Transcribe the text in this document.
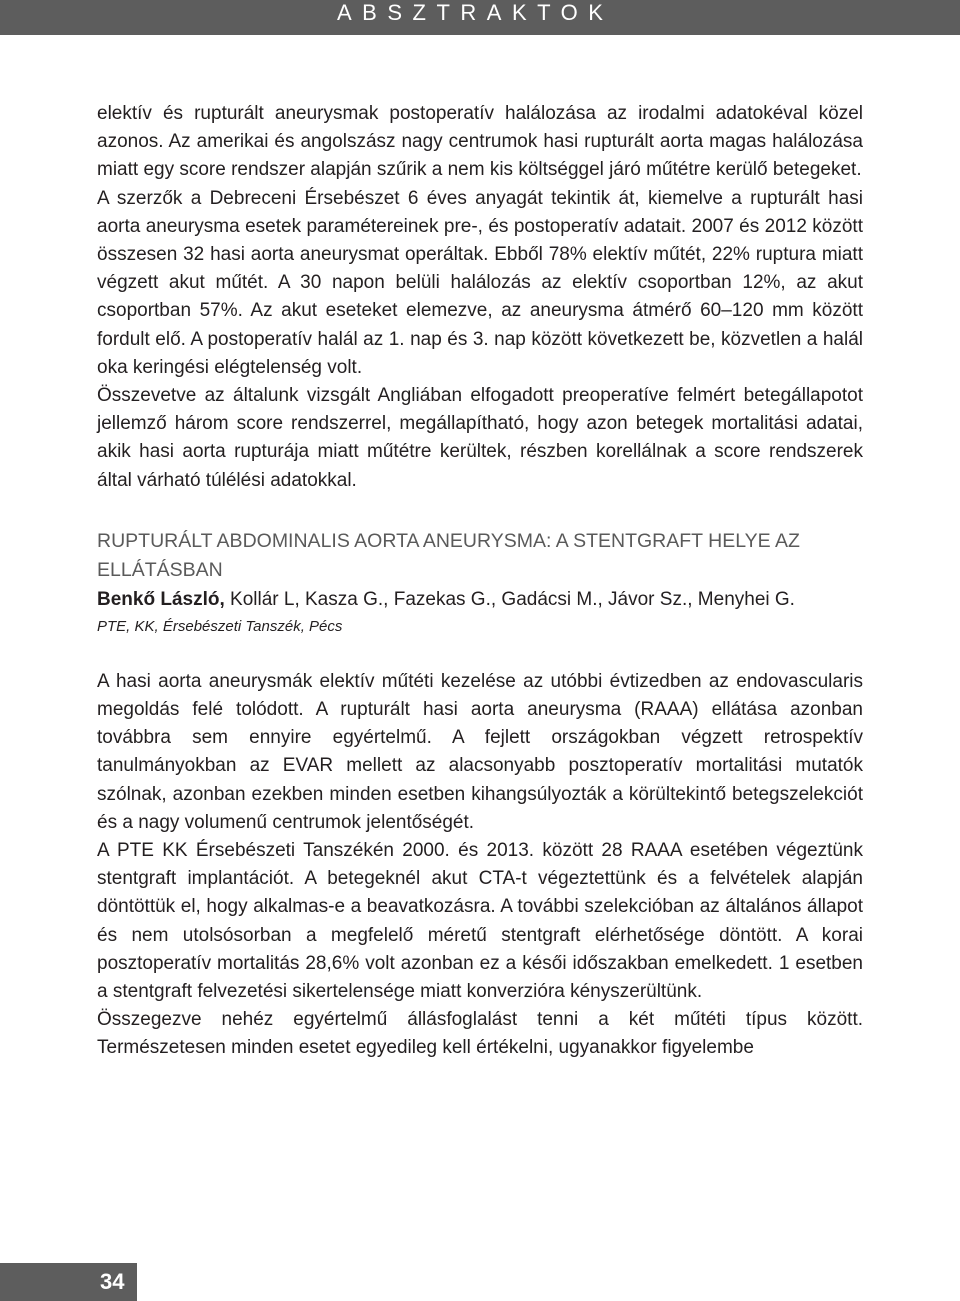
ABSZTRAKTOK

elektív és rupturált aneurysmak postoperatív halálozása az irodalmi adatokéval közel azonos. Az amerikai és angolszász nagy centrumok hasi rupturált aorta magas halálozása miatt egy score rendszer alapján szűrik a nem kis költséggel járó műtétre kerülő betegeket.

A szerzők a Debreceni Érsebészet 6 éves anyagát tekintik át, kiemelve a rupturált hasi aorta aneurysma esetek paramétereinek pre-, és postoperatív adatait. 2007 és 2012 között összesen 32 hasi aorta aneurysmat operáltak. Ebből 78% elektív műtét, 22% ruptura miatt végzett akut műtét. A 30 napon belüli halálozás az elektív csoportban 12%, az akut csoportban 57%. Az akut eseteket elemezve, az aneurysma átmérő 60–120 mm között fordult elő. A postoperatív halál az 1. nap és 3. nap között következett be, közvetlen a halál oka keringési elégtelenség volt.

Összevetve az általunk vizsgált Angliában elfogadott preoperatíve felmért betegállapotot jellemző három score rendszerrel, megállapítható, hogy azon betegek mortalitási adatai, akik hasi aorta rupturája miatt műtétre kerültek, részben korellálnak a score rendszerek által várható túlélési adatokkal.

RUPTURÁLT ABDOMINALIS AORTA ANEURYSMA: A STENTGRAFT HELYE AZ ELLÁTÁSBAN
Benkő László, Kollár L, Kasza G., Fazekas G., Gadácsi M., Jávor Sz., Menyhei G.
PTE, KK, Érsebészeti Tanszék, Pécs

A hasi aorta aneurysmák elektív műtéti kezelése az utóbbi évtizedben az endovascularis megoldás felé tolódott. A rupturált hasi aorta aneurysma (RAAA) ellátása azonban továbbra sem ennyire egyértelmű. A fejlett országokban végzett retrospektív tanulmányokban az EVAR mellett az alacsonyabb posztoperatív mortalitási mutatók szólnak, azonban ezekben minden esetben kihangsúlyozták a körültekintő betegszelekciót és a nagy volumenű centrumok jelentőségét.

A PTE KK Érsebészeti Tanszékén 2000. és 2013. között 28 RAAA esetében végeztünk stentgraft implantációt. A betegeknél akut CTA-t végeztettünk és a felvételek alapján döntöttük el, hogy alkalmas-e a beavatkozásra. A további szelekcióban az általános állapot és nem utolsósorban a megfelelő méretű stentgraft elérhetősége döntött. A korai posztoperatív mortalitás 28,6% volt azonban ez a késői időszakban emelkedett. 1 esetben a stentgraft felvezetési sikertelensége miatt konverzióra kényszerültünk.

Összegezve nehéz egyértelmű állásfoglalást tenni a két műtéti típus között. Természetesen minden esetet egyedileg kell értékelni, ugyanakkor figyelembe

34
